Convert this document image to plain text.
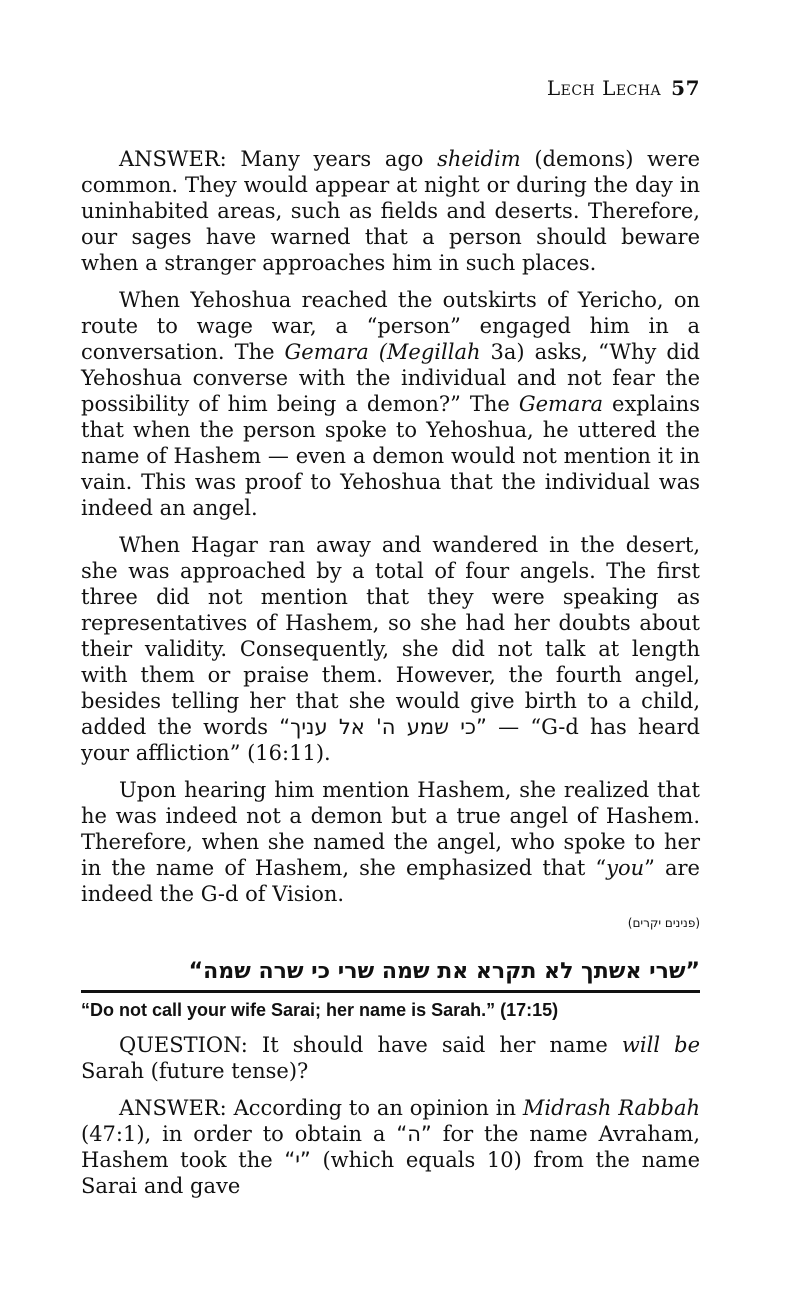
Lech Lecha 57

ANSWER: Many years ago sheidim (demons) were common. They would appear at night or during the day in uninhabited areas, such as fields and deserts. Therefore, our sages have warned that a person should beware when a stranger approaches him in such places.

When Yehoshua reached the outskirts of Yericho, on route to wage war, a “person” engaged him in a conversation. The Gemara (Megillah 3a) asks, “Why did Yehoshua converse with the individual and not fear the possibility of him being a demon?” The Gemara explains that when the person spoke to Yehoshua, he uttered the name of Hashem — even a demon would not mention it in vain. This was proof to Yehoshua that the individual was indeed an angel.

When Hagar ran away and wandered in the desert, she was approached by a total of four angels. The first three did not mention that they were speaking as representatives of Hashem, so she had her doubts about their validity. Consequently, she did not talk at length with them or praise them. However, the fourth angel, besides telling her that she would give birth to a child, added the words ”כי שמע ה' אל עניך“ — “G-d has heard your affliction” (16:11).

Upon hearing him mention Hashem, she realized that he was indeed not a demon but a true angel of Hashem. Therefore, when she named the angel, who spoke to her in the name of Hashem, she emphasized that “you” are indeed the G-d of Vision.

(פנינים יקרים)
”שרי אשתך לא תקרא את שמה שרי כי שרה שמה“
“Do not call your wife Sarai; her name is Sarah.” (17:15)

QUESTION: It should have said her name will be Sarah (future tense)?

ANSWER: According to an opinion in Midrash Rabbah (47:1), in order to obtain a ”ה“ for the name Avraham, Hashem took the ”י“ (which equals 10) from the name Sarai and gave
